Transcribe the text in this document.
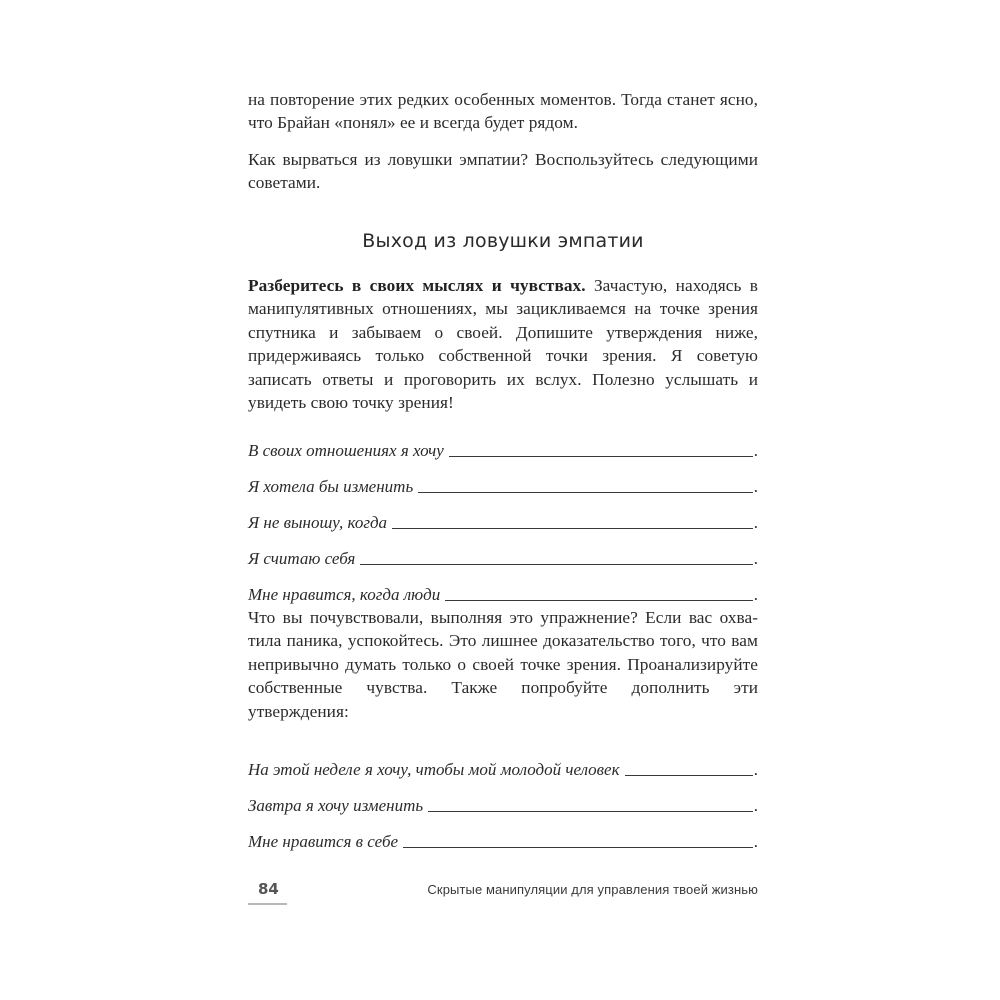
на повторение этих редких особенных моментов. Тогда станет ясно, что Брайан «понял» ее и всегда будет рядом.

Как вырваться из ловушки эмпатии? Воспользуйтесь следующими советами.

Выход из ловушки эмпатии

Разберитесь в своих мыслях и чувствах. Зачастую, находясь в манипулятивных отношениях, мы зацикливаемся на точке зрения спутника и забываем о своей. Допишите утверждения ниже, придерживаясь только собственной точки зрения. Я советую записать ответы и проговорить их вслух. Полезно услышать и увидеть свою точку зрения!

В своих отношениях я хочу	.
Я хотела бы изменить	.
Я не выношу, когда	.
Я считаю себя	.
Мне нравится, когда люди	.

Что вы почувствовали, выполняя это упражнение? Если вас охватила паника, успокойтесь. Это лишнее доказательство того, что вам непривычно думать только о своей точке зрения. Проанализируйте собственные чувства. Также попробуйте дополнить эти утверждения:

На этой неделе я хочу, чтобы мой молодой человек	.
Завтра я хочу изменить	.
Мне нравится в себе	.
84	Скрытые манипуляции для управления твоей жизнью
